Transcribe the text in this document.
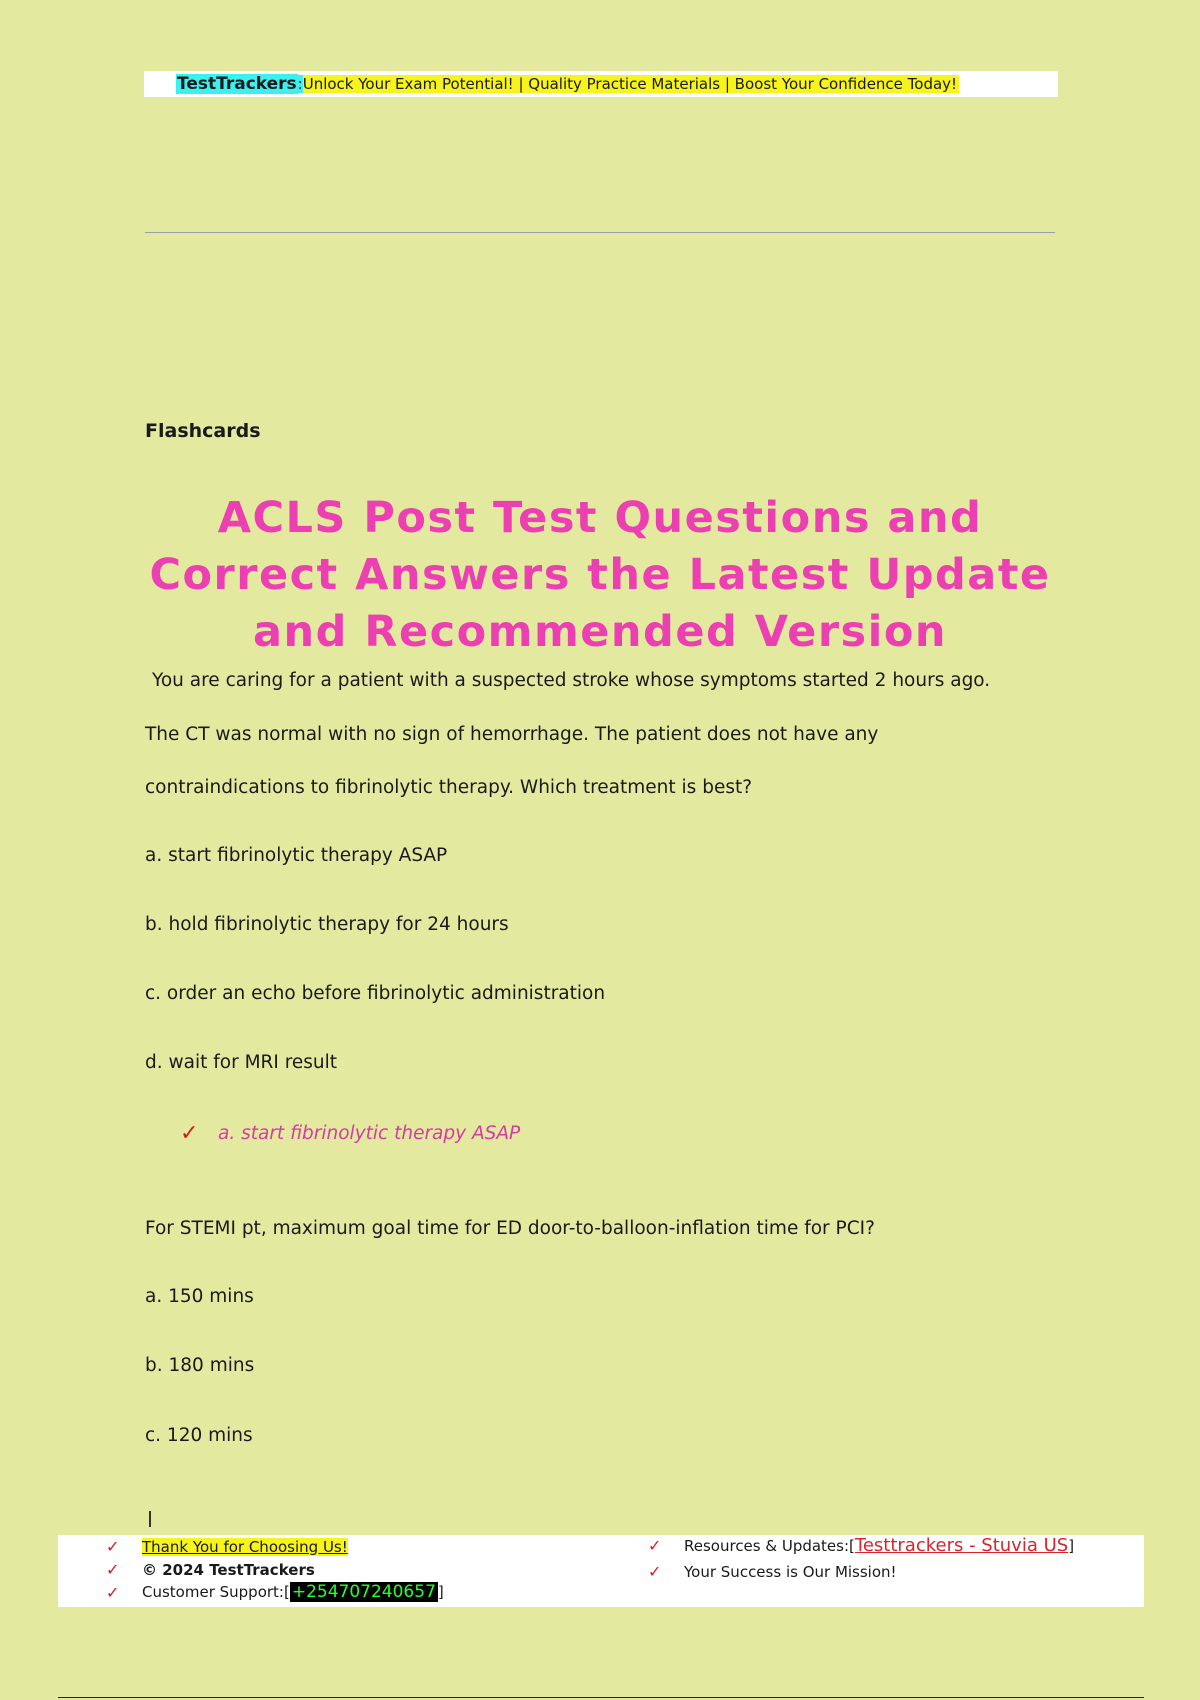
TestTrackers : Unlock Your Exam Potential! | Quality Practice Materials | Boost Your Confidence Today!
Flashcards
ACLS Post Test Questions and Correct Answers the Latest Update and Recommended Version
You are caring for a patient with a suspected stroke whose symptoms started 2 hours ago.
The CT was normal with no sign of hemorrhage. The patient does not have any
contraindications to fibrinolytic therapy. Which treatment is best?
a. start fibrinolytic therapy ASAP
b. hold fibrinolytic therapy for 24 hours
c. order an echo before fibrinolytic administration
d. wait for MRI result
✓	a. start fibrinolytic therapy ASAP
For STEMI pt, maximum goal time for ED door-to-balloon-inflation time for PCI?
a. 150 mins
b. 180 mins
c. 120 mins
✓	Thank You for Choosing Us!
✓	© 2024 TestTrackers
✓	Customer Support: [ +254707240657 ]
✓	Resources & Updates: [ Testtrackers - Stuvia US ]
✓	Your Success is Our Mission!
